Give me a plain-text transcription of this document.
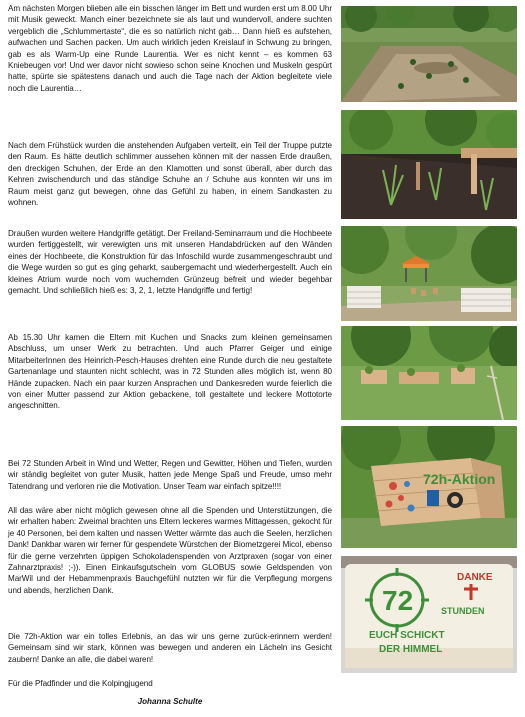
Am nächsten Morgen blieben alle ein bisschen länger im Bett und wurden erst um 8.00 Uhr mit Musik geweckt. Manch einer bezeichnete sie als laut und wundervoll, andere suchten vergeblich die „Schlummertaste“, die es so natürlich nicht gab… Dann hieß es aufstehen, aufwachen und Sachen packen. Um auch wirklich jeden Kreislauf in Schwung zu bringen, gab es als Warm-Up eine Runde Laurentia. Wer es nicht kennt – es kommen 63 Kniebeugen vor! Und wer davor nicht sowieso schon seine Knochen und Muskeln gespürt hatte, spürte sie spätestens danach und auch die Tage nach der Aktion begleitete viele noch die Laurentia…

Nach dem Frühstück wurden die anstehenden Aufgaben verteilt, ein Teil der Truppe putzte den Raum. Es hätte deutlich schlimmer aussehen können mit der nassen Erde draußen, den dreckigen Schuhen, der Erde an den Klamotten und sonst überall, aber durch das Kehren zwischendurch und das ständige Schuhe an / Schuhe aus konnten wir uns im Raum meist ganz gut bewegen, ohne das Gefühl zu haben, in einem Sandkasten zu wohnen.

Draußen wurden weitere Handgriffe getätigt. Der Freiland-Seminarraum und die Hochbeete wurden fertiggestellt, wir verewigten uns mit unseren Handabdrücken auf den Wänden eines der Hochbeete, die Konstruktion für das Infoschild wurde zusammengeschraubt und die Wege wurden so gut es ging geharkt, saubergemacht und wiederhergestellt. Auch ein kleines Atrium wurde noch vom wuchernden Grünzeug befreit und wieder begehbar gemacht. Und schließlich hieß es: 3, 2, 1, letzte Handgriffe und fertig!

Ab 15.30 Uhr kamen die Eltern mit Kuchen und Snacks zum kleinen gemeinsamen Abschluss, um unser Werk zu betrachten. Und auch Pfarrer Geiger und einige MitarbeiterInnen des Heinrich-Pesch-Hauses drehten eine Runde durch die neu gestaltete Gartenanlage und staunten nicht schlecht, was in 72 Stunden alles möglich ist, wenn 80 Hände zupacken. Nach ein paar kurzen Ansprachen und Dankesreden wurde feierlich die von einer Mutter passend zur Aktion gebackene, toll gestaltete und leckere Mottotorte angeschnitten.

Bei 72 Stunden Arbeit in Wind und Wetter, Regen und Gewitter, Höhen und Tiefen, wurden wir ständig begleitet von guter Musik, hatten jede Menge Spaß und Freude, umso mehr Tatendrang und verloren nie die Motivation. Unser Team war einfach spitze!!!!

All das wäre aber nicht möglich gewesen ohne all die Spenden und Unterstützungen, die wir erhalten haben: Zweimal brachten uns Eltern leckeres warmes Mittagessen, gekocht für je 40 Personen, bei dem kalten und nassen Wetter wärmte das auch die Seelen, herzlichen Dank! Dankbar waren wir ferner für gespendete Würstchen der Biometzgerei Micol, ebenso für die gerne verzehrten üppigen Schokoladenspenden von Arztpraxen (sogar von einer Zahnarztpraxis! ;-)). Einen Einkaufsgutschein vom GLOBUS sowie Geldspenden von MarWil und der Hebammenpraxis Bauchgefühl nutzten wir für die Verpflegung morgens und abends, herzlichen Dank.

Die 72h-Aktion war ein tolles Erlebnis, an das wir uns gerne zurück-erinnern werden! Gemeinsam sind wir stark, können was bewegen und anderen ein Lächeln ins Gesicht zaubern! Danke an alle, die dabei waren!

Für die Pfadfinder und die Kolpingjugend

Johanna Schulte
72h-Aktion
72
DANKE
STUNDEN
EUCH SCHICKT
DER HIMMEL
